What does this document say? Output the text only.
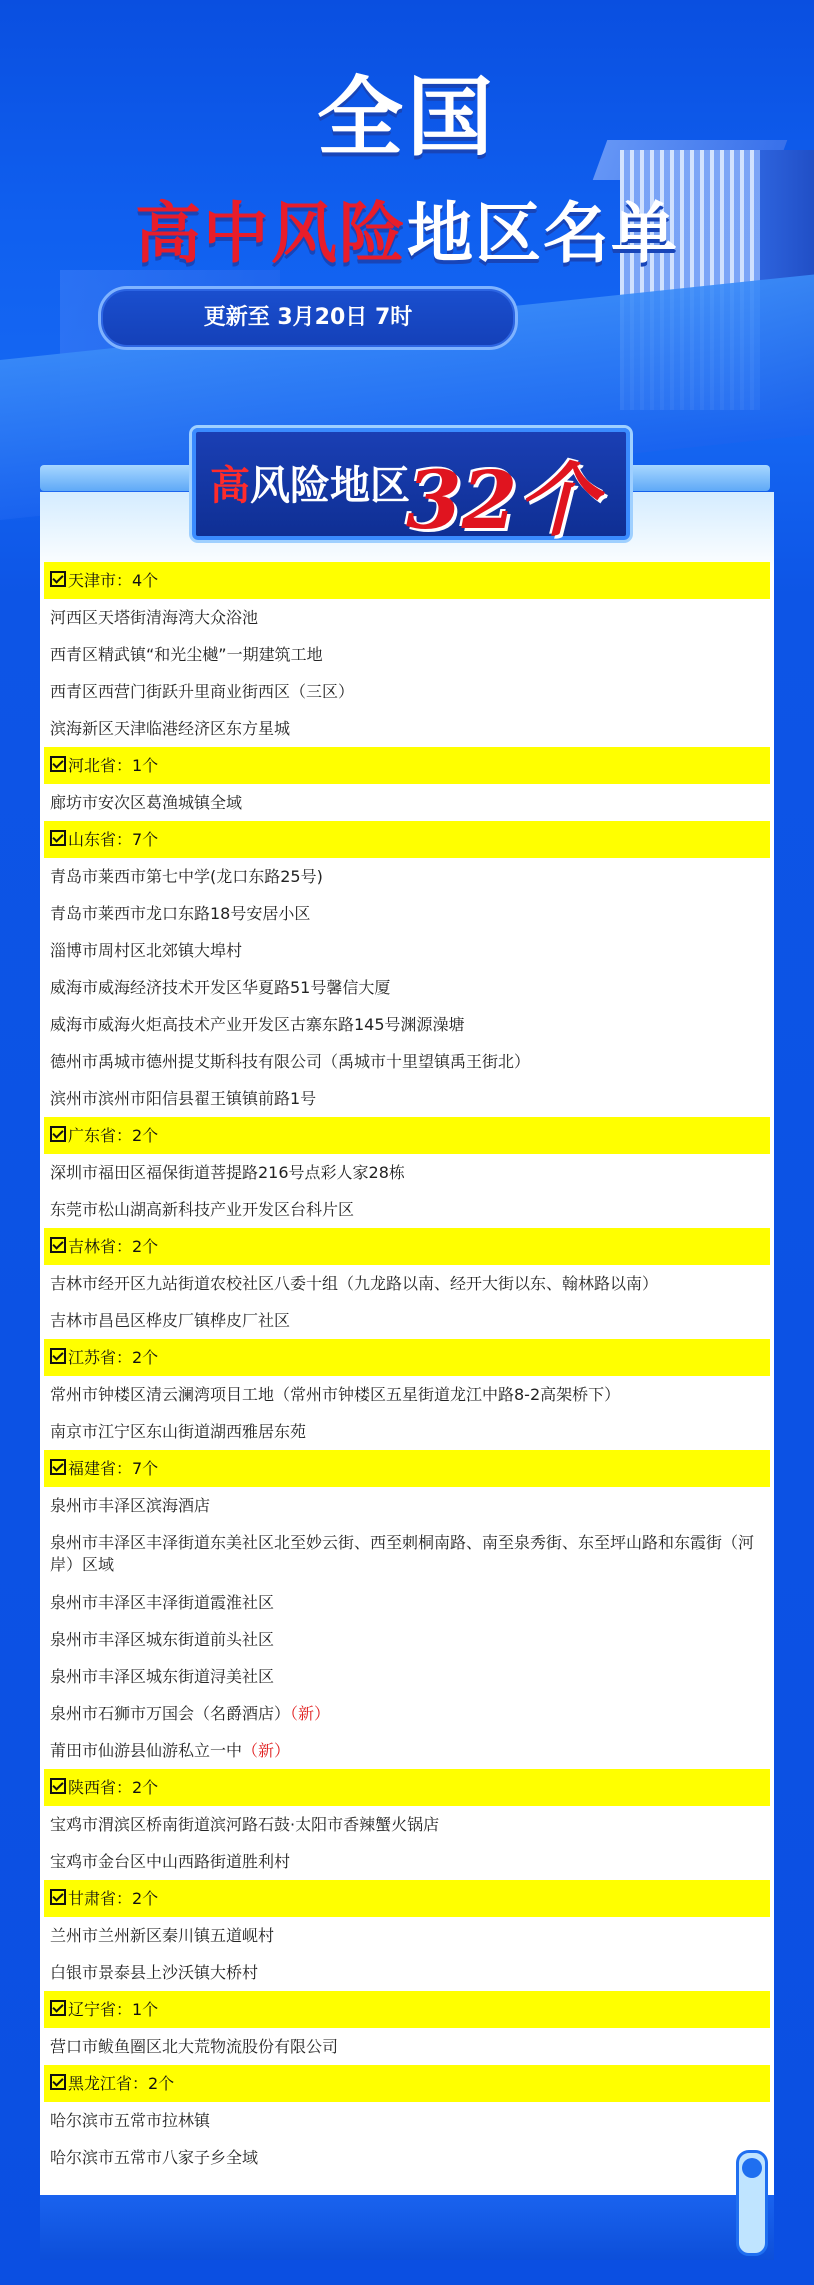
全国
高中风险地区名单
更新至 3月20日 7时
天津市：4个
河西区天塔街清海湾大众浴池
西青区精武镇“和光尘樾”一期建筑工地
西青区西营门街跃升里商业街西区（三区）
滨海新区天津临港经济区东方星城
河北省：1个
廊坊市安次区葛渔城镇全域
山东省：7个
青岛市莱西市第七中学(龙口东路25号)
青岛市莱西市龙口东路18号安居小区
淄博市周村区北郊镇大埠村
威海市威海经济技术开发区华夏路51号馨信大厦
威海市威海火炬高技术产业开发区古寨东路145号渊源澡塘
德州市禹城市德州提艾斯科技有限公司（禹城市十里望镇禹王街北）
滨州市滨州市阳信县翟王镇镇前路1号
广东省：2个
深圳市福田区福保街道菩提路216号点彩人家28栋
东莞市松山湖高新科技产业开发区台科片区
吉林省：2个
吉林市经开区九站街道农校社区八委十组（九龙路以南、经开大街以东、翰林路以南）
吉林市昌邑区桦皮厂镇桦皮厂社区
江苏省：2个
常州市钟楼区清云澜湾项目工地（常州市钟楼区五星街道龙江中路8-2高架桥下）
南京市江宁区东山街道湖西雅居东苑
福建省：7个
泉州市丰泽区滨海酒店
泉州市丰泽区丰泽街道东美社区北至妙云街、西至刺桐南路、南至泉秀街、东至坪山路和东霞街（河岸）区域
泉州市丰泽区丰泽街道霞淮社区
泉州市丰泽区城东街道前头社区
泉州市丰泽区城东街道浔美社区
泉州市石狮市万国会（名爵酒店）（新）
莆田市仙游县仙游私立一中（新）
陕西省：2个
宝鸡市渭滨区桥南街道滨河路石鼓·太阳市香辣蟹火锅店
宝鸡市金台区中山西路街道胜利村
甘肃省：2个
兰州市兰州新区秦川镇五道岘村
白银市景泰县上沙沃镇大桥村
辽宁省：1个
营口市鲅鱼圈区北大荒物流股份有限公司
黑龙江省：2个
哈尔滨市五常市拉林镇
哈尔滨市五常市八家子乡全域
高风险地区
32个
